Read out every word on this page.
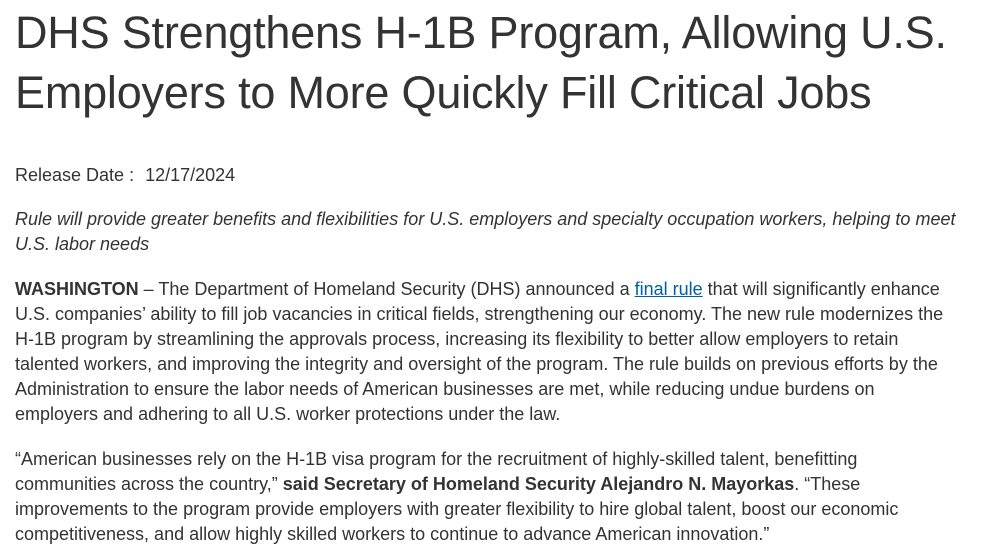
DHS Strengthens H-1B Program, Allowing U.S. Employers to More Quickly Fill Critical Jobs
Release Date : 12/17/2024
Rule will provide greater benefits and flexibilities for U.S. employers and specialty occupation workers, helping to meet U.S. labor needs

WASHINGTON – The Department of Homeland Security (DHS) announced a final rule that will significantly enhance U.S. companies’ ability to fill job vacancies in critical fields, strengthening our economy. The new rule modernizes the H-1B program by streamlining the approvals process, increasing its flexibility to better allow employers to retain talented workers, and improving the integrity and oversight of the program. The rule builds on previous efforts by the Administration to ensure the labor needs of American businesses are met, while reducing undue burdens on employers and adhering to all U.S. worker protections under the law.

“American businesses rely on the H-1B visa program for the recruitment of highly-skilled talent, benefitting communities across the country,” said Secretary of Homeland Security Alejandro N. Mayorkas. “These improvements to the program provide employers with greater flexibility to hire global talent, boost our economic competitiveness, and allow highly skilled workers to continue to advance American innovation.”
